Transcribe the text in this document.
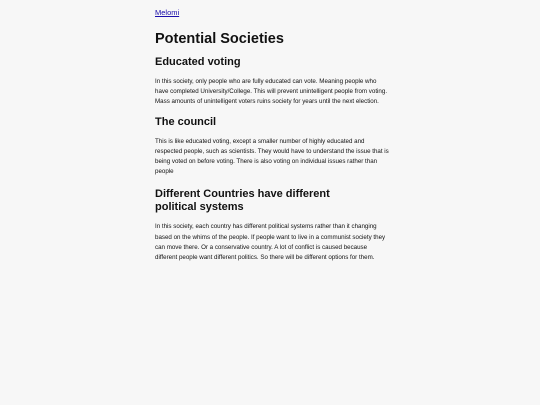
Melomi
Potential Societies
Educated voting

In this society, only people who are fully educated can vote. Meaning people who have completed University/College. This will prevent unintelligent people from voting. Mass amounts of unintelligent voters ruins society for years until the next election.

The council

This is like educated voting, except a smaller number of highly educated and respected people, such as scientists. They would have to understand the issue that is being voted on before voting. There is also voting on individual issues rather than people

Different Countries have different political systems

In this society, each country has different political systems rather than it changing based on the whims of the people. If people want to live in a communist society they can move there. Or a conservative country. A lot of conflict is caused because different people want different politics. So there will be different options for them.
